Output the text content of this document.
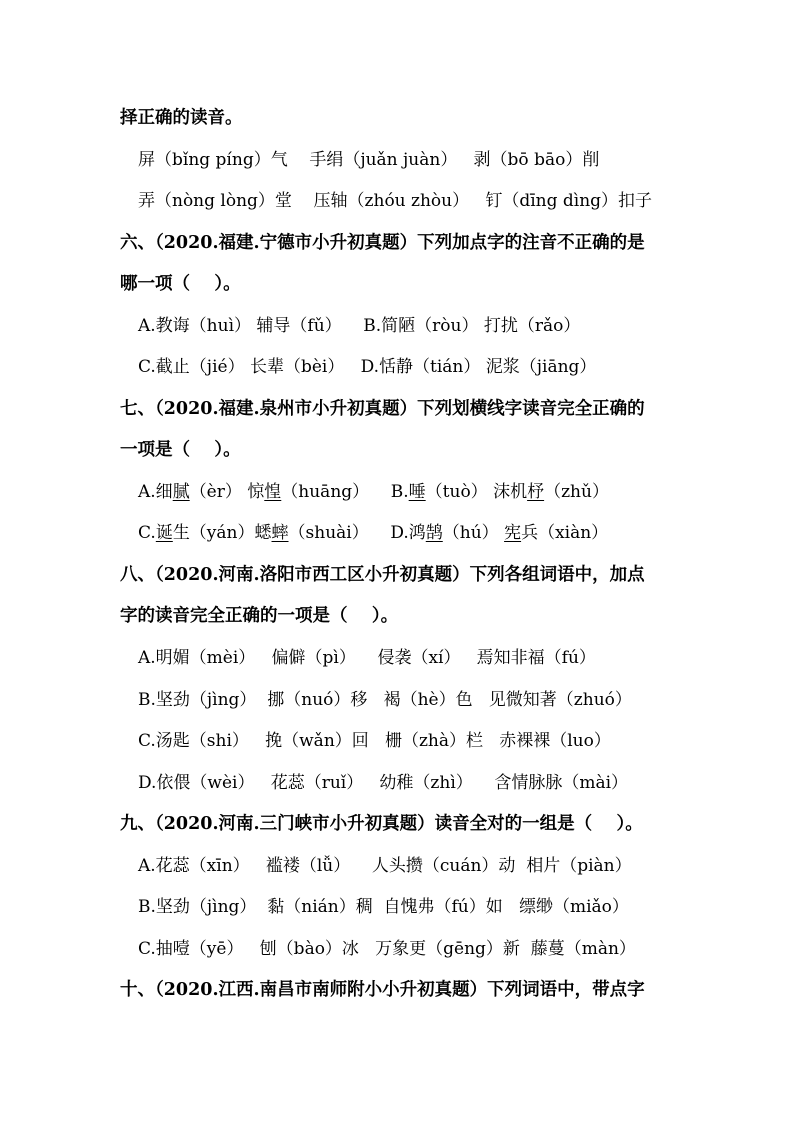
择正确的读音。
屏（bǐng píng）气    手绢（juǎn juàn）   剥（bō bāo）削
弄（nòng lòng）堂    压轴（zhóu zhòu）   钉（dīng dìng）扣子
六、（2020.福建.宁德市小升初真题）下列加点字的注音不正确的是
哪一项（    ）。
A.教诲（huì） 辅导（fǔ）    B.简陋（ròu） 打扰（rǎo）
C.截止（jié） 长辈（bèi）   D.恬静（tián） 泥浆（jiāng）
七、（2020.福建.泉州市小升初真题）下列划横线字读音完全正确的
一项是（    ）。
A.细腻（èr） 惊惶（huāng）    B.唾（tuò） 沫机杼（zhǔ）
C.诞生（yán）蟋蟀（shuài）    D.鸿鹄（hú） 宪兵（xiàn）
八、（2020.河南.洛阳市西工区小升初真题）下列各组词语中，加点
字的读音完全正确的一项是（    ）。
A.明媚（mèi）   偏僻（pì）    侵袭（xí）   焉知非福（fú）
B.坚劲（jìng）  挪（nuó）移   褐（hè）色   见微知著（zhuó）
C.汤匙（shi）   挽（wǎn）回   栅（zhà）栏   赤裸裸（luo）
D.依偎（wèi）   花蕊（ruǐ）   幼稚（zhì）    含情脉脉（mài）
九、（2020.河南.三门峡市小升初真题）读音全对的一组是（    ）。
A.花蕊（xīn）   褴褛（lǚ）    人头攒（cuán）动  相片（piàn）
B.坚劲（jìng）  黏（nián）稠  自愧弗（fú）如   缥缈（miǎo）
C.抽噎（yē）   刨（bào）冰   万象更（gēng）新  藤蔓（màn）
十、（2020.江西.南昌市南师附小小升初真题）下列词语中，带点字
